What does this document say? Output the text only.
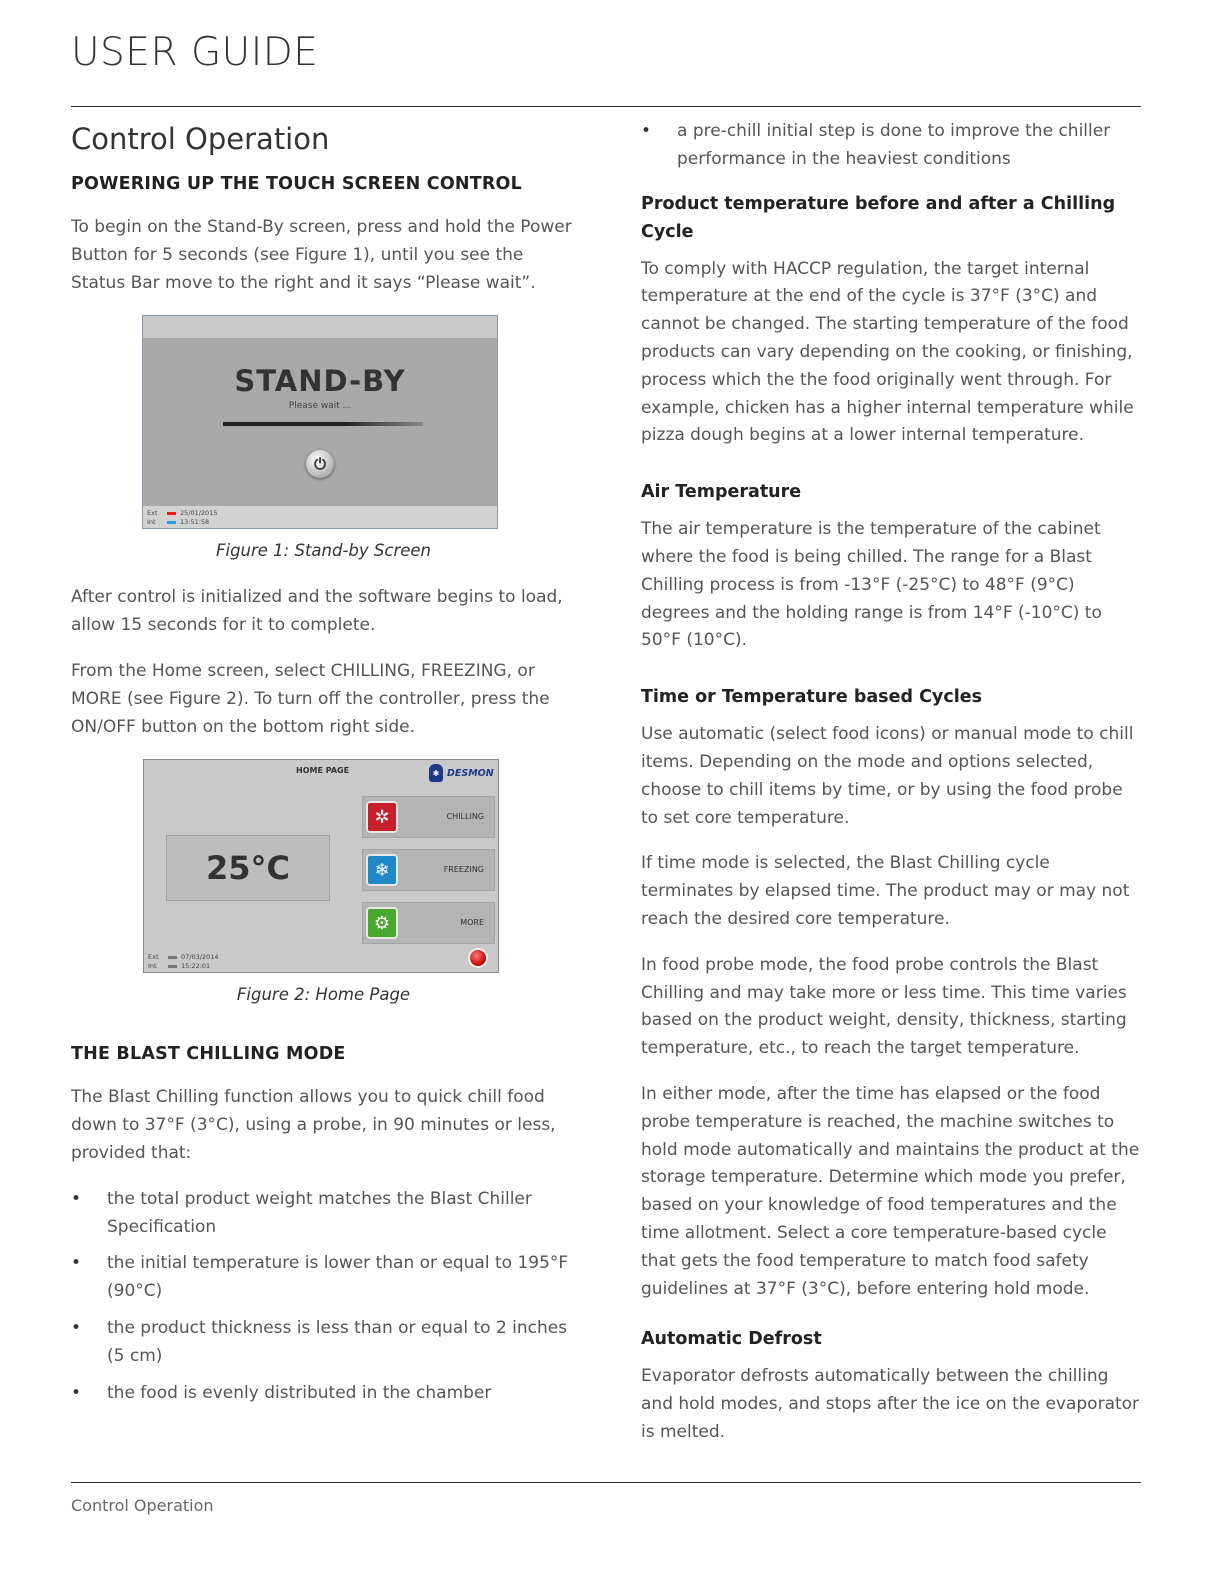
USER GUIDE
Control Operation
POWERING UP THE TOUCH SCREEN CONTROL

To begin on the Stand-By screen, press and hold the Power Button for 5 seconds (see Figure 1), until you see the Status Bar move to the right and it says “Please wait”.

STAND-BY
Please wait ...
⏻
Ext	25/01/2015
Int	13:51:58
Figure 1: Stand-by Screen

After control is initialized and the software begins to load, allow 15 seconds for it to complete.

From the Home screen, select CHILLING, FREEZING, or MORE (see Figure 2). To turn off the controller, press the ON/OFF button on the bottom right side.

HOME PAGE	✱ DESMON
25°C
✲	CHILLING
❄	FREEZING
⚙	MORE
Ext	07/03/2014
Int	15:22:01
Figure 2: Home Page
THE BLAST CHILLING MODE

The Blast Chilling function allows you to quick chill food down to 37°F (3°C), using a probe, in 90 minutes or less, provided that:

• the total product weight matches the Blast Chiller Specification
• the initial temperature is lower than or equal to 195°F (90°C)
• the product thickness is less than or equal to 2 inches (5 cm)
• the food is evenly distributed in the chamber
• a pre-chill initial step is done to improve the chiller performance in the heaviest conditions
Product temperature before and after a Chilling Cycle

To comply with HACCP regulation, the target internal temperature at the end of the cycle is 37°F (3°C) and cannot be changed. The starting temperature of the food products can vary depending on the cooking, or finishing, process which the the food originally went through. For example, chicken has a higher internal temperature while pizza dough begins at a lower internal temperature.

Air Temperature

The air temperature is the temperature of the cabinet where the food is being chilled. The range for a Blast Chilling process is from -13°F (-25°C) to 48°F (9°C) degrees and the holding range is from 14°F (-10°C) to 50°F (10°C).

Time or Temperature based Cycles

Use automatic (select food icons) or manual mode to chill items. Depending on the mode and options selected, choose to chill items by time, or by using the food probe to set core temperature.

If time mode is selected, the Blast Chilling cycle terminates by elapsed time. The product may or may not reach the desired core temperature.

In food probe mode, the food probe controls the Blast Chilling and may take more or less time. This time varies based on the product weight, density, thickness, starting temperature, etc., to reach the target temperature.

In either mode, after the time has elapsed or the food probe temperature is reached, the machine switches to hold mode automatically and maintains the product at the storage temperature. Determine which mode you prefer, based on your knowledge of food temperatures and the time allotment. Select a core temperature-based cycle that gets the food temperature to match food safety guidelines at 37°F (3°C), before entering hold mode.

Automatic Defrost

Evaporator defrosts automatically between the chilling and hold modes, and stops after the ice on the evaporator is melted.

Control Operation
